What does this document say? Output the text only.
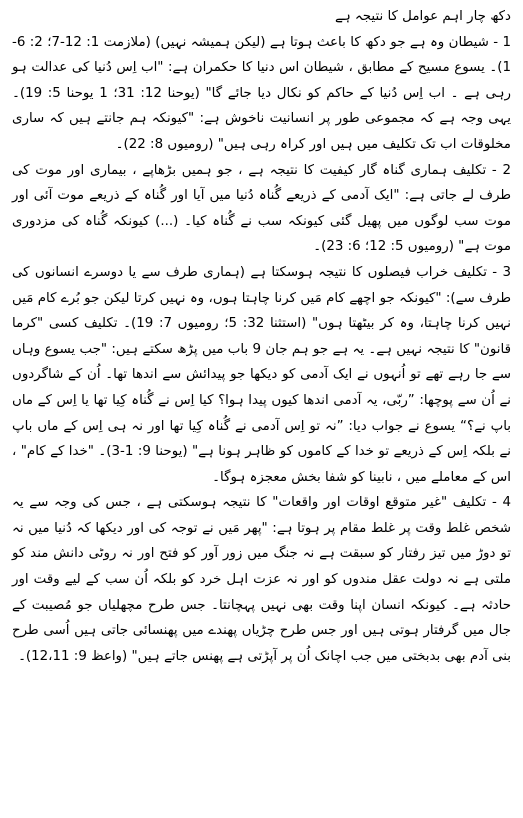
دکھ چار اہم عوامل کا نتیجہ ہے

1 - شیطان وہ ہے جو دکھ کا باعث ہوتا ہے (لیکن ہمیشہ نہیں) (ملازمت 1: 12-7؛ 2: 6-1)۔ یسوع مسیح کے مطابق ، شیطان اس دنیا کا حکمران ہے: "اب اِس دُنیا کی عدالت ہو رہی ہے ۔ اب اِس دُنیا کے حاکم کو نکال دیا جائے گا" (یوحنا 12: 31؛ 1 یوحنا 5: 19)۔ یہی وجہ ہے کہ مجموعی طور پر انسانیت ناخوش ہے: "کیونکہ ہم جانتے ہیں کہ ساری مخلوقات اب تک تکلیف میں ہیں اور کراہ رہی ہیں" (رومیوں 8: 22)۔

2 - تکلیف ہماری گناہ گار کیفیت کا نتیجہ ہے ، جو ہمیں بڑھاپے ، بیماری اور موت کی طرف لے جاتی ہے: "ایک آدمی کے ذریعے گُناہ دُنیا میں آیا اور گُناہ کے ذریعے موت آئی اور موت سب لوگوں میں پھیل گئی کیونکہ سب نے گُناہ کیا۔ (...) کیونکہ گُناہ کی مزدوری موت ہے" (رومیوں 5: 12؛ 6: 23)۔

3 - تکلیف خراب فیصلوں کا نتیجہ ہوسکتا ہے (ہماری طرف سے یا دوسرے انسانوں کی طرف سے): "کیونکہ جو اچھے کام مَیں کرنا چاہتا ہوں، وہ نہیں کرتا لیکن جو بُرے کام مَیں نہیں کرنا چاہتا، وہ کر بیٹھتا ہوں" (استثنا 32: 5؛ رومیوں 7: 19)۔ تکلیف کسی "کرما قانون" کا نتیجہ نہیں ہے۔ یہ ہے جو ہم جان 9 باب میں پڑھ سکتے ہیں: "جب یسوع وہاں سے جا رہے تھے تو اُنہوں نے ایک آدمی کو دیکھا جو پیدائش سے اندھا تھا۔ اُن کے شاگردوں نے اُن سے پوچھا: ”ربّی، یہ آدمی اندھا کیوں پیدا ہوا؟ کیا اِس نے گُناہ کِیا تھا یا اِس کے ماں باپ نے؟“ یسوع نے جواب دیا: ”نہ تو اِس آدمی نے گُناہ کِیا تھا اور نہ ہی اِس کے ماں باپ نے بلکہ اِس کے ذریعے تو خدا کے کاموں کو ظاہر ہونا ہے" (یوحنا 9: 1-3)۔ "خدا کے کام" ، اس کے معاملے میں ، نابینا کو شفا بخش معجزہ ہوگا۔

4 - تکلیف "غیر متوقع اوقات اور واقعات" کا نتیجہ ہوسکتی ہے ، جس کی وجہ سے یہ شخص غلط وقت پر غلط مقام پر ہوتا ہے: "پھر مَیں نے توجہ کی اور دیکھا کہ دُنیا میں نہ تو دوڑ میں تیز رفتار کو سبقت ہے نہ جنگ میں زور آور کو فتح اور نہ روٹی دانش مند کو ملتی ہے نہ دولت عقل مندوں کو اور نہ عزت اہل خرد کو بلکہ اُن سب کے لیے وقت اور حادثہ ہے۔ کیونکہ انسان اپنا وقت بھی نہیں پہچانتا۔ جس طرح مچھلیاں جو مُصیبت کے جال میں گرفتار ہوتی ہیں اور جس طرح چڑیاں پھندے میں پھنسائی جاتی ہیں اُسی طرح بنی آدم بھی بدبختی میں جب اچانک اُن پر آپڑتی ہے پھنس جاتے ہیں" (واعظ 9: 12،11)۔
